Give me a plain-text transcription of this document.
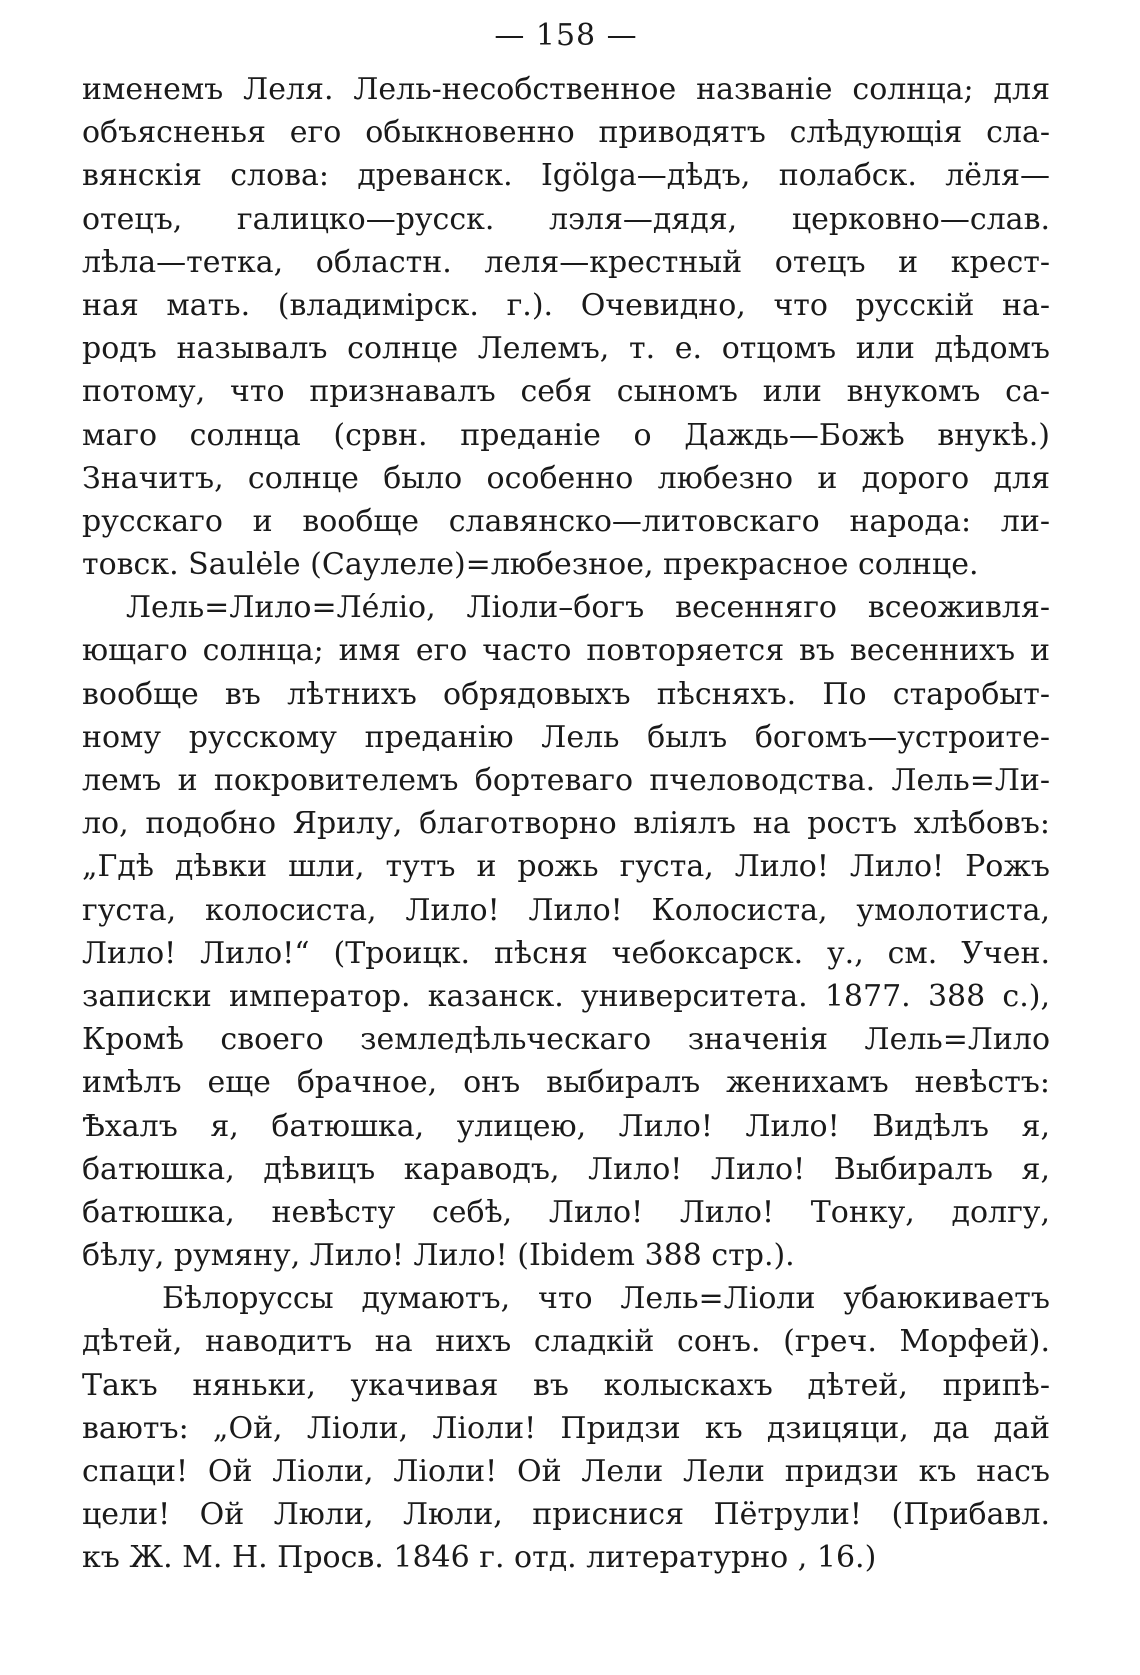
— 158 —
именемъ Леля. Лель-несобственное названіе солнца; для
объясненья его обыкновенно приводятъ слѣдующія сла-
вянскія слова: древанск. Igölga—дѣдъ, полабск. лёля—
отецъ, галицко—русск. лэля—дядя, церковно—слав.
лѣла—тетка, областн. леля—крестный отецъ и крест-
ная мать. (владимірск. г.). Очевидно, что русскій на-
родъ называлъ солнце Лелемъ, т. е. отцомъ или дѣдомъ
потому, что признавалъ себя сыномъ или внукомъ са-
маго солнца (срвн. преданіе о Даждь—Божѣ внукѣ.)
Значитъ, солнце было особенно любезно и дорого для
русскаго и вообще славянско—литовскаго народа: ли-
товск. Saulėle (Саулеле)=любезное, прекрасное солнце.
Лель=Лило=Лéліо, Ліоли–богъ весенняго всеоживля-
ющаго солнца; имя его часто повторяется въ весеннихъ и
вообще въ лѣтнихъ обрядовыхъ пѣсняхъ. По старобыт-
ному русскому преданію Лель былъ богомъ—устроите-
лемъ и покровителемъ бортеваго пчеловодства. Лель=Ли-
ло, подобно Ярилу, благотворно вліялъ на ростъ хлѣбовъ:
„Гдѣ дѣвки шли, тутъ и рожь густа, Лило! Лило! Рожъ
густа, колосиста, Лило! Лило! Колосиста, умолотиста,
Лило! Лило!“ (Троицк. пѣсня чебоксарск. у., см. Учен.
записки император. казанск. университета. 1877. 388 с.),
Кромѣ своего земледѣльческаго значенія Лель=Лило
имѣлъ еще брачное, онъ выбиралъ женихамъ невѣстъ:
Ѣхалъ я, батюшка, улицею, Лило! Лило! Видѣлъ я,
батюшка, дѣвицъ караводъ, Лило! Лило! Выбиралъ я,
батюшка, невѣсту себѣ, Лило! Лило! Тонку, долгу,
бѣлу, румяну, Лило! Лило! (Ibidem 388 стр.).
Бѣлоруссы думаютъ, что Лель=Ліоли убаюкиваетъ
дѣтей, наводитъ на нихъ сладкій сонъ. (греч. Морфей).
Такъ няньки, укачивая въ колыскахъ дѣтей, припѣ-
ваютъ: „Ой, Ліоли, Ліоли! Придзи къ дзицяци, да дай
спаци! Ой Ліоли, Ліоли! Ой Лели Лели придзи къ насъ
цели! Ой Люли, Люли, приснися Пётрули! (Прибавл.
къ Ж. М. Н. Просв. 1846 г. отд. литературно , 16.)
